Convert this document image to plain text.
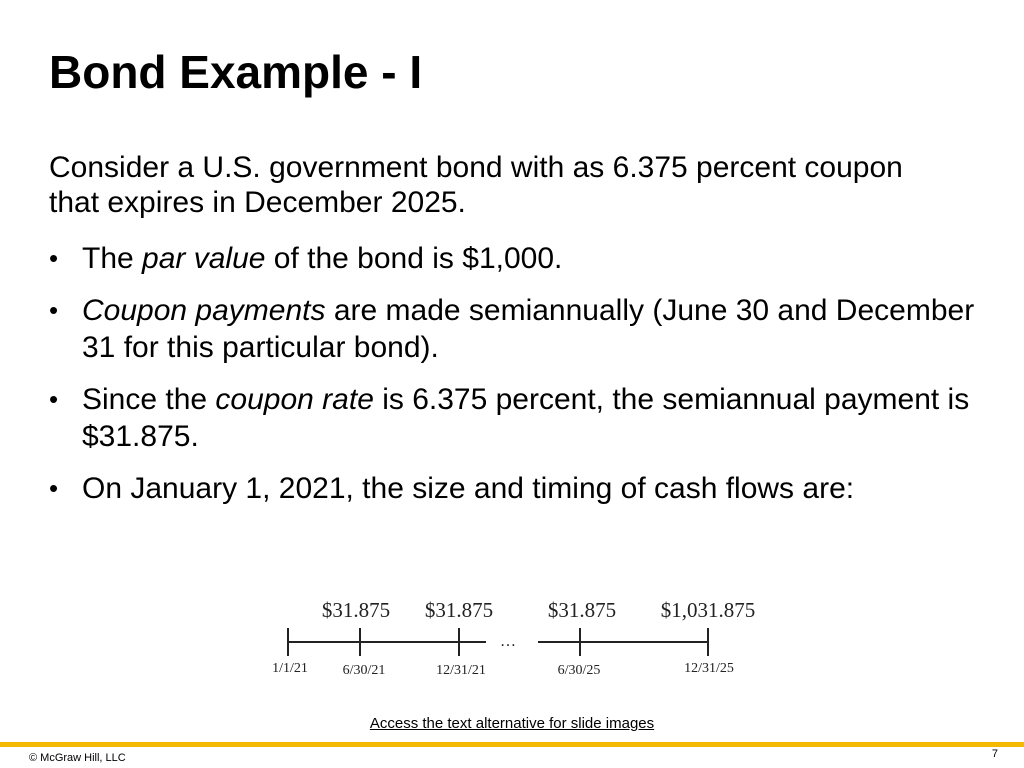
Bond Example - I

Consider a U.S. government bond with as 6.375 percent coupon that expires in December 2025.

• The par value of the bond is $1,000.
• Coupon payments are made semiannually (June 30 and December 31 for this particular bond).
• Since the coupon rate is 6.375 percent, the semiannual payment is $31.875.
• On January 1, 2021, the size and timing of cash flows are:
$31.875 $31.875	$31.875 $1,031.875
…
1/1/21 6/30/21	12/31/21	6/30/25	12/31/25
Access the text alternative for slide images
© McGraw Hill, LLC	7
